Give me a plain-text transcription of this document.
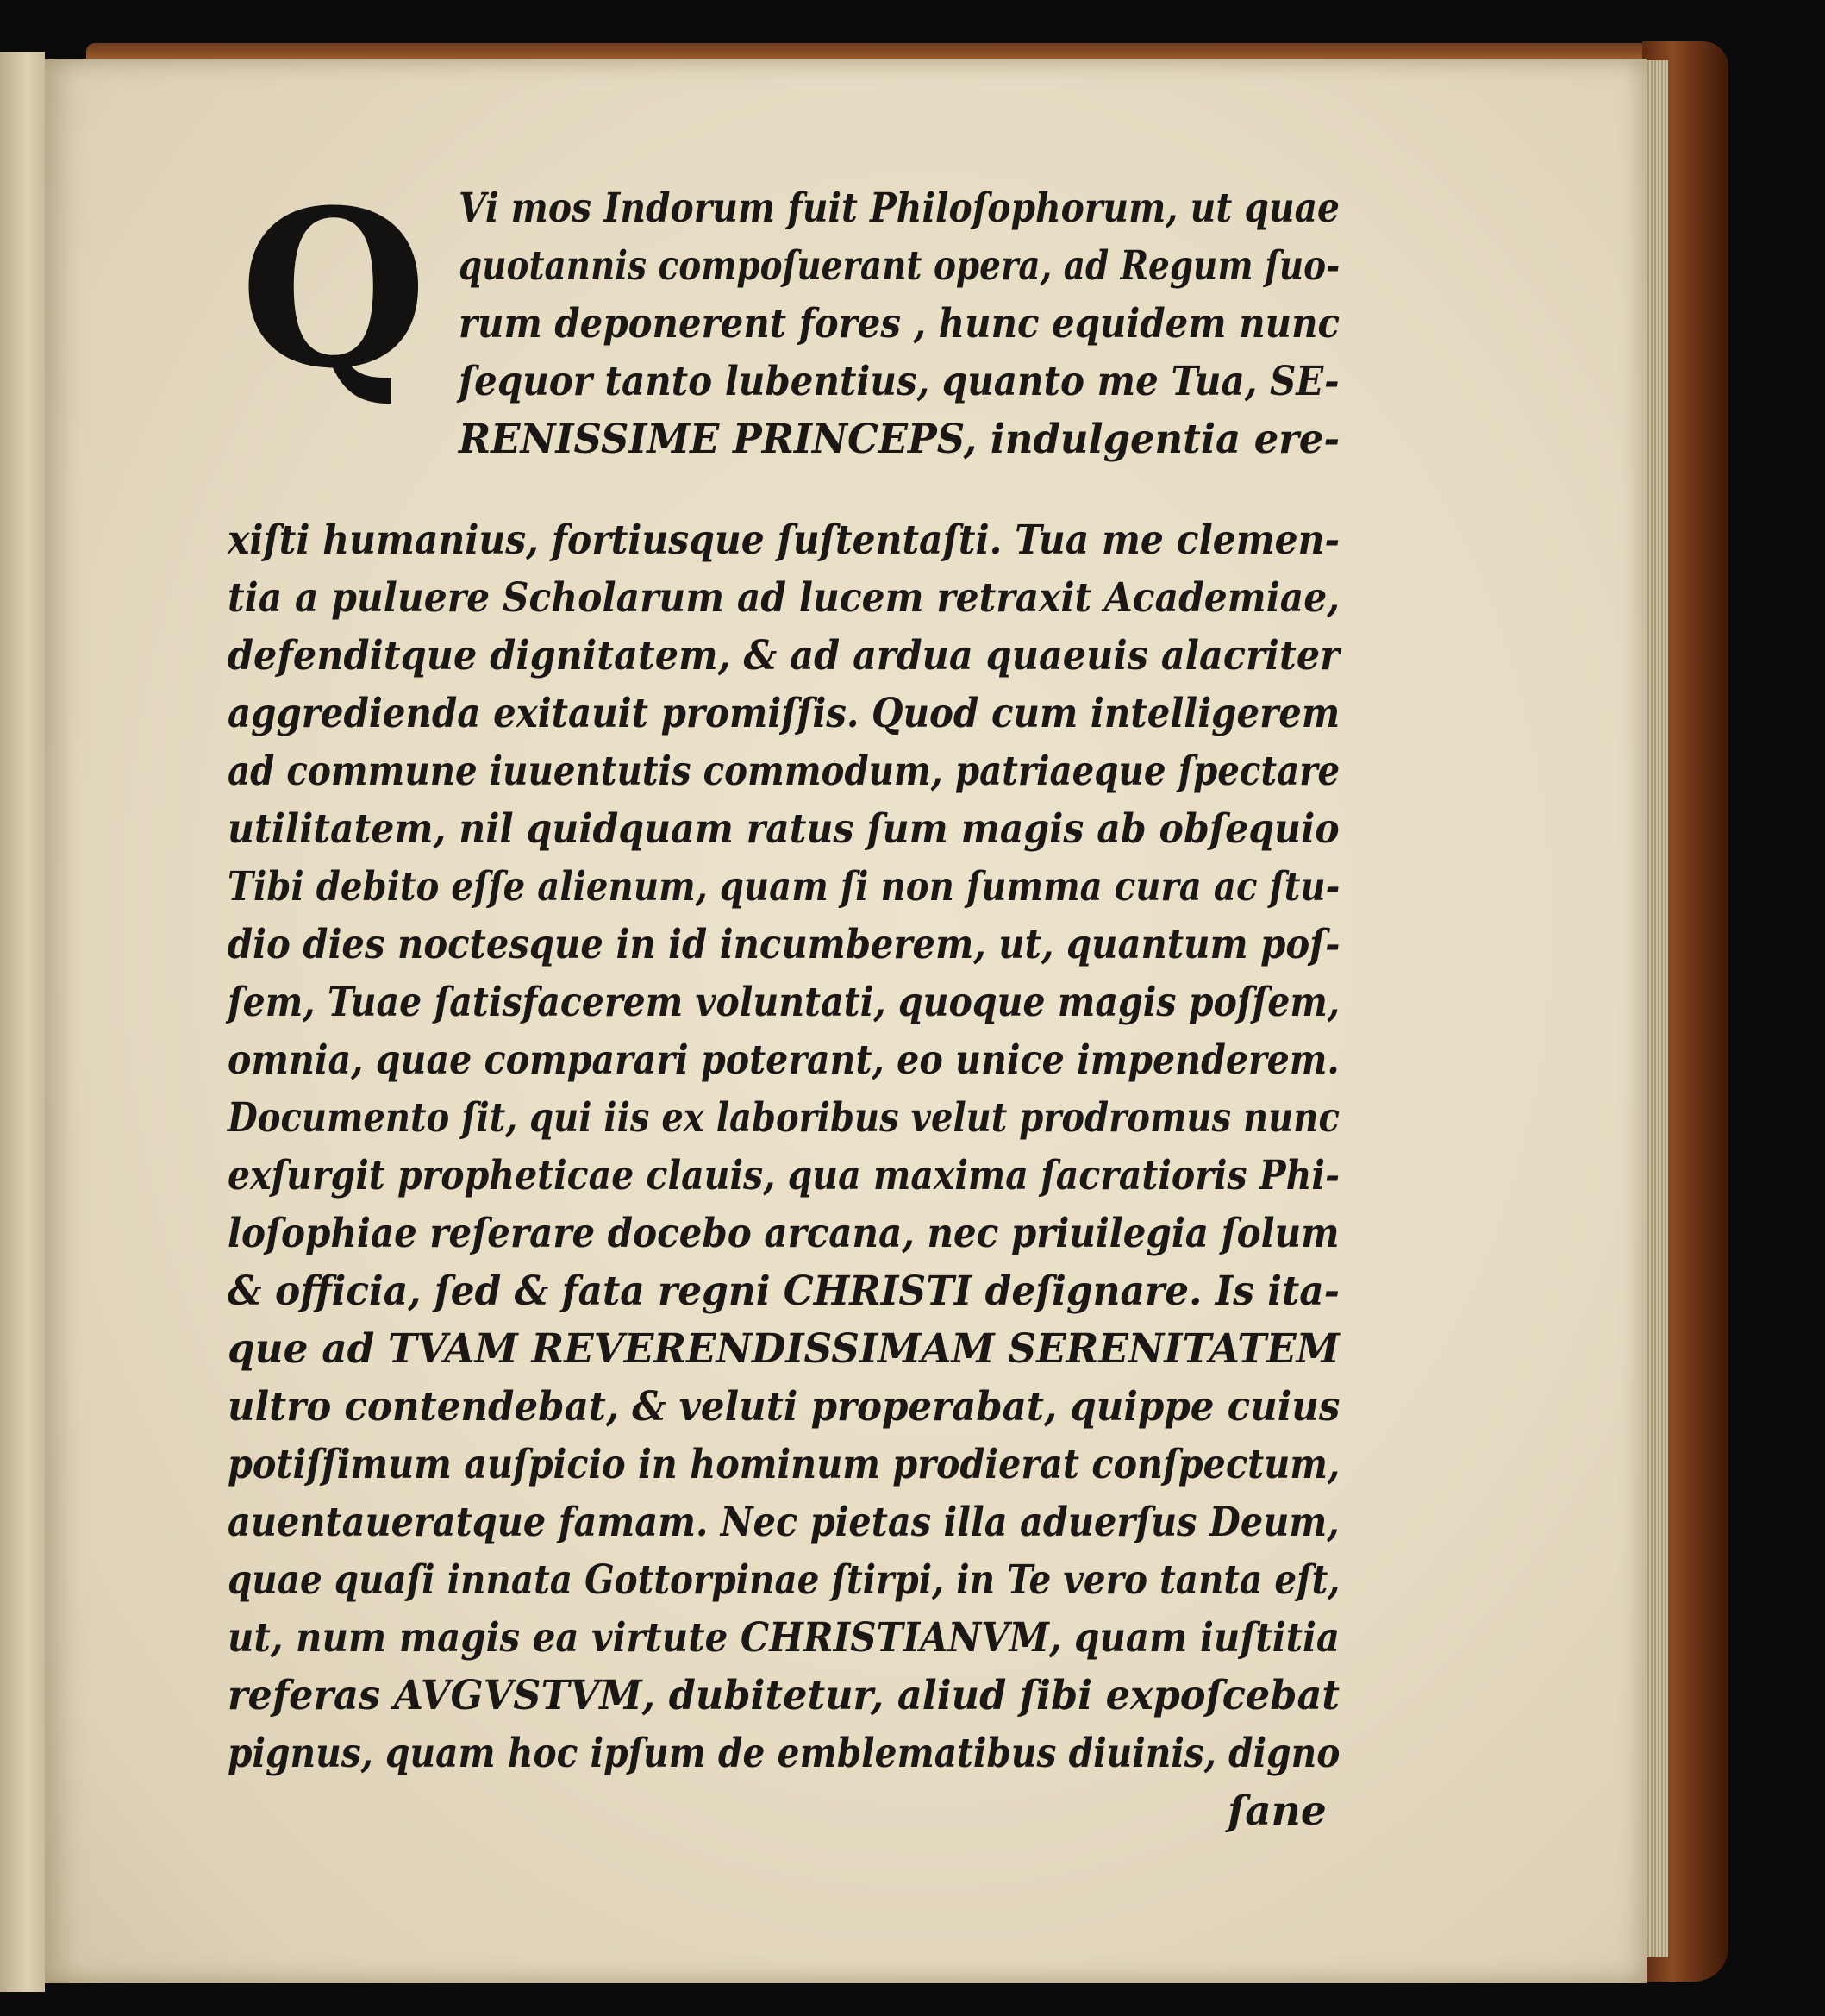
Q Vi mos Indorum fuit Philoſophorum, ut quae
quotannis compoſuerant opera, ad Regum ſuo-
rum deponerent fores , hunc equidem nunc
ſequor tanto lubentius, quanto me Tua, SE-
RENISSIME PRINCEPS, indulgentia ere-
xiſti humanius, fortiusque ſuſtentaſti. Tua me clemen-
tia a puluere Scholarum ad lucem retraxit Academiae,
defenditque dignitatem, & ad ardua quaeuis alacriter
aggredienda exitauit promiſſis. Quod cum intelligerem
ad commune iuuentutis commodum, patriaeque ſpectare
utilitatem, nil quidquam ratus ſum magis ab obſequio
Tibi debito eſſe alienum, quam ſi non ſumma cura ac ſtu-
dio dies noctesque in id incumberem, ut, quantum poſ-
ſem, Tuae ſatisfacerem voluntati, quoque magis poſſem,
omnia, quae comparari poterant, eo unice impenderem.
Documento ſit, qui iis ex laboribus velut prodromus nunc
exſurgit propheticae clauis, qua maxima ſacratioris Phi-
loſophiae reſerare docebo arcana, nec priuilegia ſolum
& officia, ſed & fata regni CHRISTI deſignare. Is ita-
que ad TVAM REVERENDISSIMAM SERENITATEM
ultro contendebat, & veluti properabat, quippe cuius
potiſſimum auſpicio in hominum prodierat conſpectum,
auentaueratque famam. Nec pietas illa aduerſus Deum,
quae quaſi innata Gottorpinae ſtirpi, in Te vero tanta eſt,
ut, num magis ea virtute CHRISTIANVM, quam iuſtitia
referas AVGVSTVM, dubitetur, aliud ſibi expoſcebat
pignus, quam hoc ipſum de emblematibus diuinis, digno
ſane
